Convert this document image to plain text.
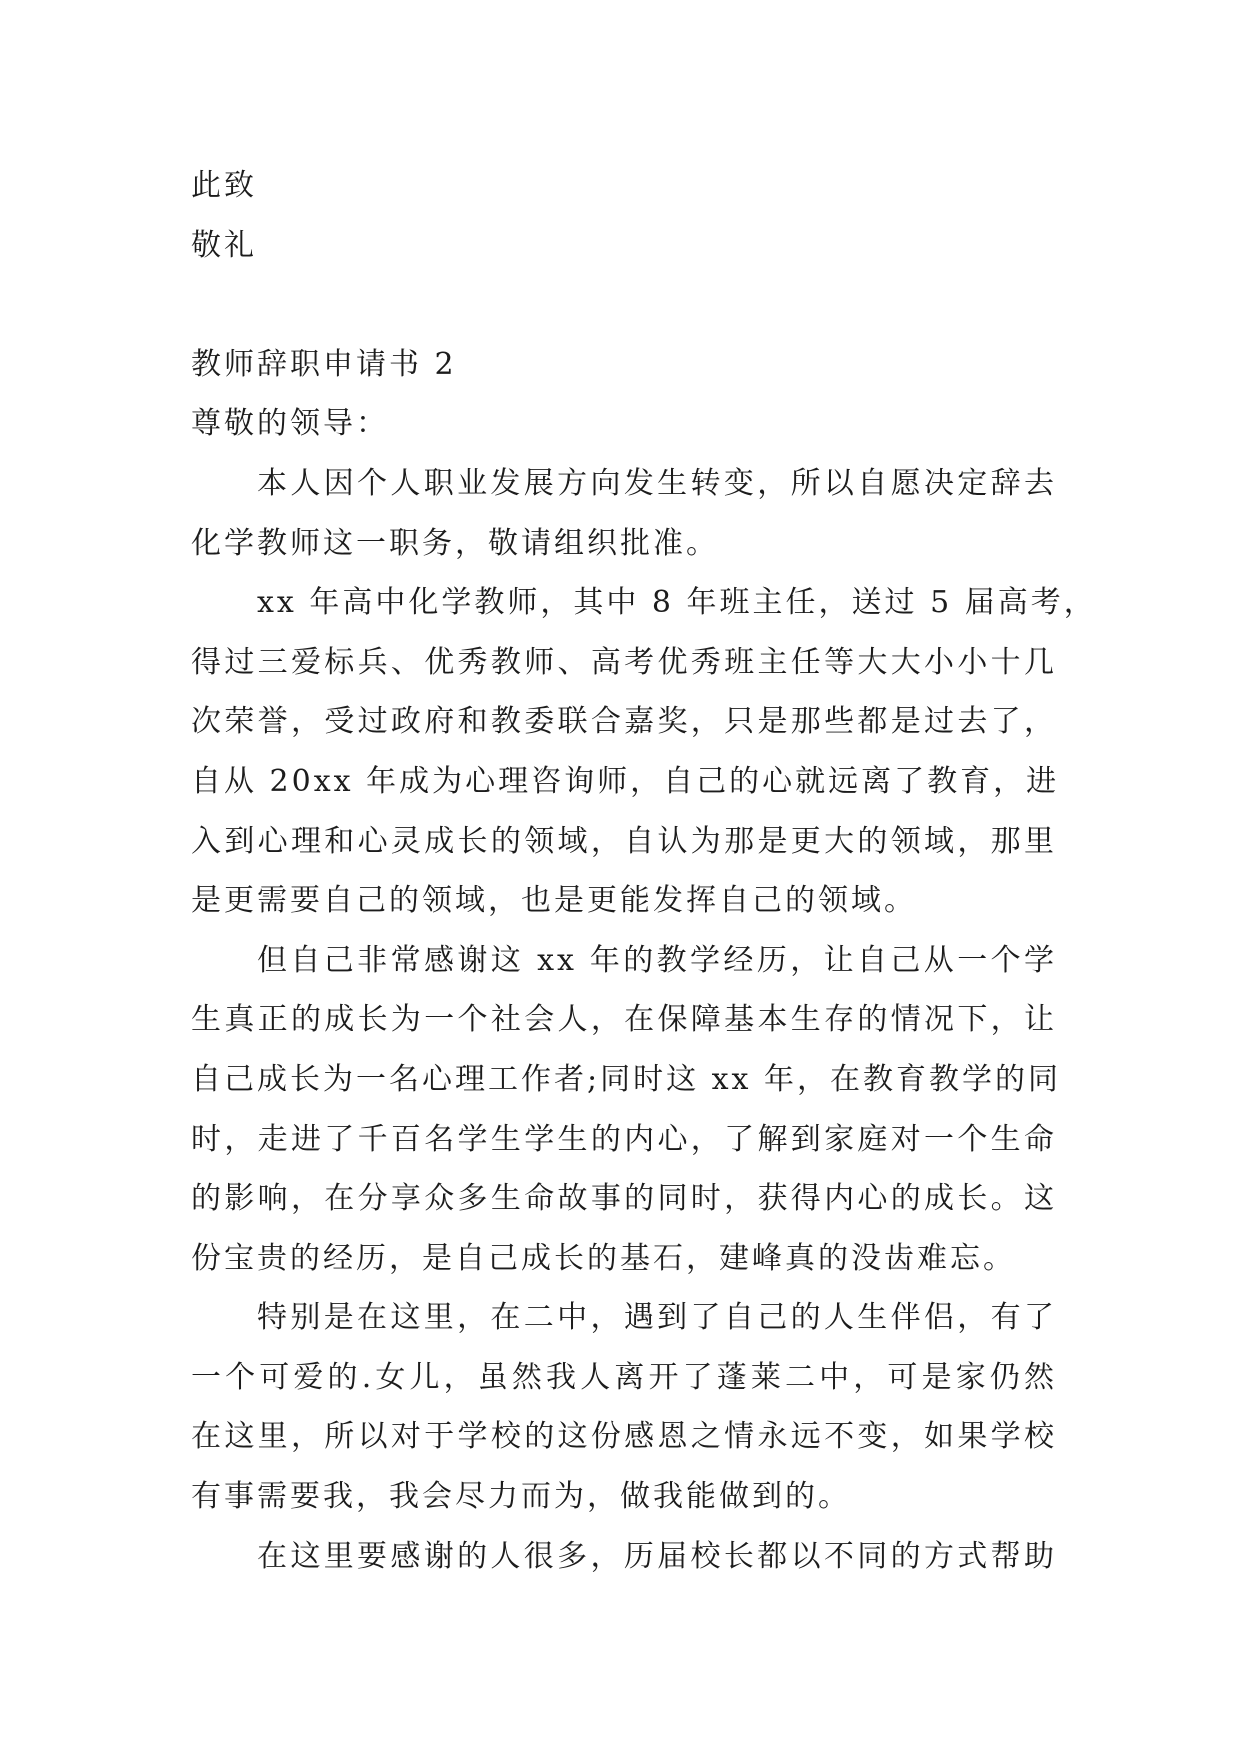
此致
敬礼
教师辞职申请书 2
尊敬的领导：
本人因个人职业发展方向发生转变，所以自愿决定辞去
化学教师这一职务，敬请组织批准。
xx 年高中化学教师，其中 8 年班主任，送过 5 届高考，
得过三爱标兵、优秀教师、高考优秀班主任等大大小小十几
次荣誉，受过政府和教委联合嘉奖，只是那些都是过去了，
自从 20xx 年成为心理咨询师，自己的心就远离了教育，进
入到心理和心灵成长的领域，自认为那是更大的领域，那里
是更需要自己的领域，也是更能发挥自己的领域。
但自己非常感谢这 xx 年的教学经历，让自己从一个学
生真正的成长为一个社会人，在保障基本生存的情况下，让
自己成长为一名心理工作者;同时这 xx 年，在教育教学的同
时，走进了千百名学生学生的内心，了解到家庭对一个生命
的影响，在分享众多生命故事的同时，获得内心的成长。这
份宝贵的经历，是自己成长的基石，建峰真的没齿难忘。
特别是在这里，在二中，遇到了自己的人生伴侣，有了
一个可爱的.女儿，虽然我人离开了蓬莱二中，可是家仍然
在这里，所以对于学校的这份感恩之情永远不变，如果学校
有事需要我，我会尽力而为，做我能做到的。
在这里要感谢的人很多，历届校长都以不同的方式帮助
